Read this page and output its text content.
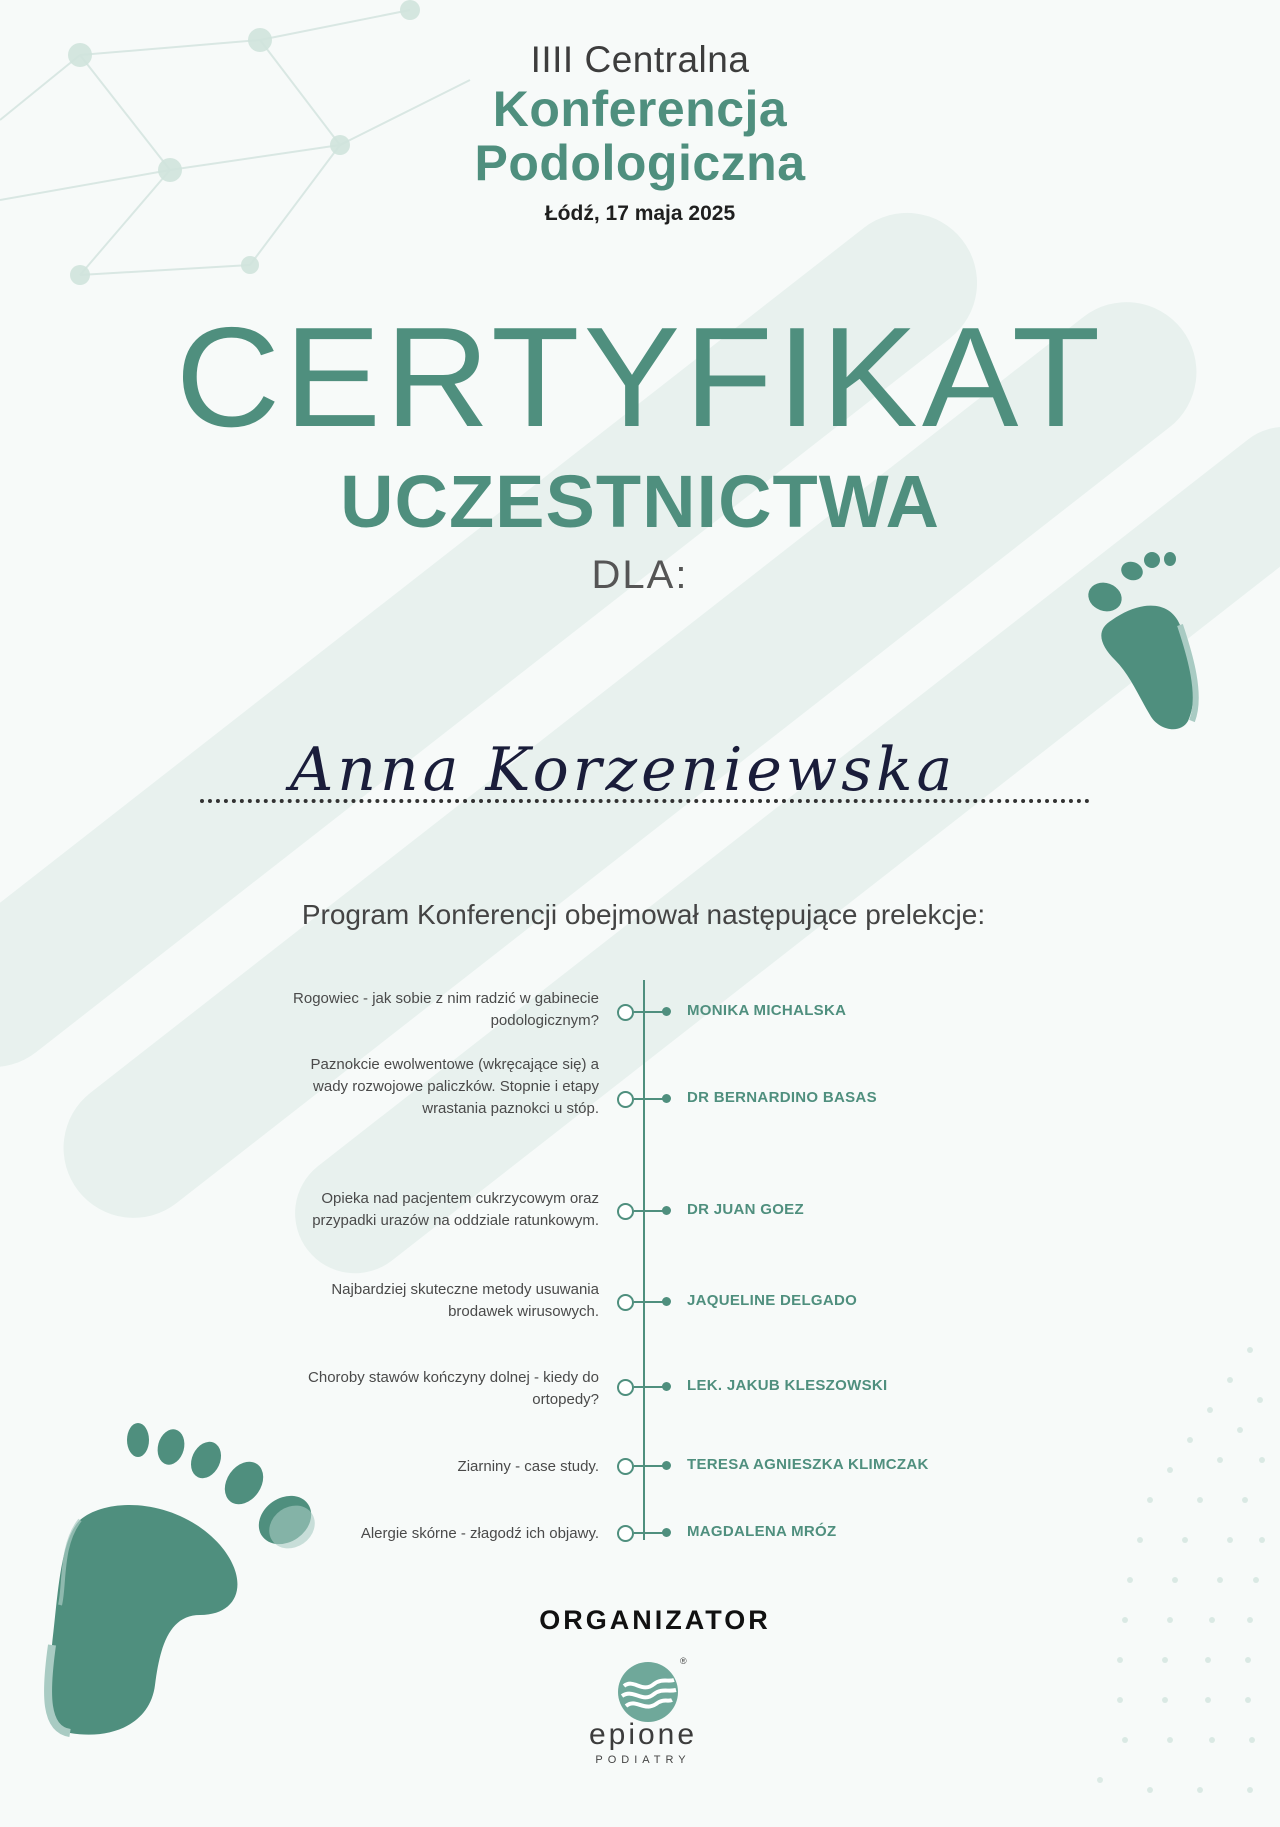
IIII Centralna
Konferencja
Podologiczna
Łódź, 17 maja 2025
CERTYFIKAT
UCZESTNICTWA
DLA:
Anna Korzeniewska
Program Konferencji obejmował następujące prelekcje:
Rogowiec - jak sobie z nim radzić w gabinecie podologicznym?
MONIKA MICHALSKA
Paznokcie ewolwentowe (wkręcające się) a wady rozwojowe paliczków. Stopnie i etapy wrastania paznokci u stóp.
DR BERNARDINO BASAS
Opieka nad pacjentem cukrzycowym oraz przypadki urazów na oddziale ratunkowym.
DR JUAN GOEZ
Najbardziej skuteczne metody usuwania brodawek wirusowych.
JAQUELINE DELGADO
Choroby stawów kończyny dolnej - kiedy do ortopedy?
LEK. JAKUB KLESZOWSKI
Ziarniny - case study.	TERESA AGNIESZKA KLIMCZAK
Alergie skórne - złagodź ich objawy.	MAGDALENA MRÓZ
ORGANIZATOR
®
epione
PODIATRY
